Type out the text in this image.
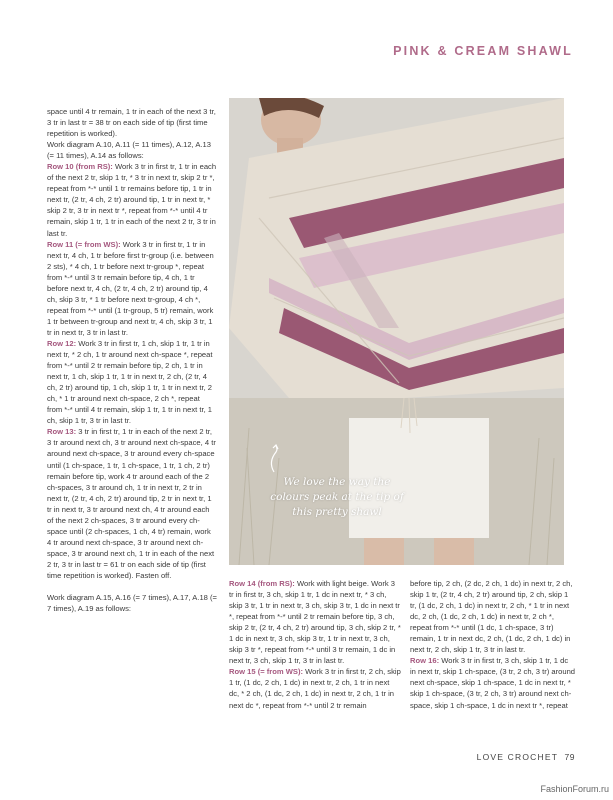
PINK & CREAM SHAWL

space until 4 tr remain, 1 tr in each of the next 3 tr, 3 tr in last tr = 38 tr on each side of tip (first time repetition is worked).

Work diagram A.10, A.11 (= 11 times), A.12, A.13 (= 11 times), A.14 as follows:

Row 10 (from RS): Work 3 tr in first tr, 1 tr in each of the next 2 tr, skip 1 tr, * 3 tr in next tr, skip 2 tr *, repeat from *-* until 1 tr remains before tip, 1 tr in next tr, (2 tr, 4 ch, 2 tr) around tip, 1 tr in next tr, * skip 2 tr, 3 tr in next tr *, repeat from *-* until 4 tr remain, skip 1 tr, 1 tr in each of the next 2 tr, 3 tr in last tr.

Row 11 (= from WS): Work 3 tr in first tr, 1 tr in next tr, 4 ch, 1 tr before first tr-group (i.e. between 2 sts), * 4 ch, 1 tr before next tr-group *, repeat from *-* until 3 tr remain before tip, 4 ch, 1 tr before next tr, 4 ch, (2 tr, 4 ch, 2 tr) around tip, 4 ch, skip 3 tr, * 1 tr before next tr-group, 4 ch *, repeat from *-* until (1 tr-group, 5 tr) remain, work 1 tr between tr-group and next tr, 4 ch, skip 3 tr, 1 tr in next tr, 3 tr in last tr.

Row 12: Work 3 tr in first tr, 1 ch, skip 1 tr, 1 tr in next tr, * 2 ch, 1 tr around next ch-space *, repeat from *-* until 2 tr remain before tip, 2 ch, 1 tr in next tr, 1 ch, skip 1 tr, 1 tr in next tr, 2 ch, (2 tr, 4 ch, 2 tr) around tip, 1 ch, skip 1 tr, 1 tr in next tr, 2 ch, * 1 tr around next ch-space, 2 ch *, repeat from *-* until 4 tr remain, skip 1 tr, 1 tr in next tr, 1 ch, skip 1 tr, 3 tr in last tr.

Row 13: 3 tr in first tr, 1 tr in each of the next 2 tr, 3 tr around next ch, 3 tr around next ch-space, 4 tr around next ch-space, 3 tr around every ch-space until (1 ch-space, 1 tr, 1 ch-space, 1 tr, 1 ch, 2 tr) remain before tip, work 4 tr around each of the 2 ch-spaces, 3 tr around ch, 1 tr in next tr, 2 tr in next tr, (2 tr, 4 ch, 2 tr) around tip, 2 tr in next tr, 1 tr in next tr, 3 tr around next ch, 4 tr around each of the next 2 ch-spaces, 3 tr around every ch-space until (2 ch-spaces, 1 ch, 4 tr) remain, work 4 tr around next ch-space, 3 tr around next ch-space, 3 tr around next ch, 1 tr in each of the next 2 tr, 3 tr in last tr = 61 tr on each side of tip (first time repetition is worked). Fasten off.

Work diagram A.15, A.16 (= 7 times), A.17, A.18 (= 7 times), A.19 as follows:

We love the way the
colours peak at the tip of
this pretty shawl

Row 14 (from RS): Work with light beige. Work 3 tr in first tr, 3 ch, skip 1 tr, 1 dc in next tr, * 3 ch, skip 3 tr, 1 tr in next tr, 3 ch, skip 3 tr, 1 dc in next tr *, repeat from *-* until 2 tr remain before tip, 3 ch, skip 2 tr, (2 tr, 4 ch, 2 tr) around tip, 3 ch, skip 2 tr, * 1 dc in next tr, 3 ch, skip 3 tr, 1 tr in next tr, 3 ch, skip 3 tr *, repeat from *-* until 3 tr remain, 1 dc in next tr, 3 ch, skip 1 tr, 3 tr in last tr.

Row 15 (= from WS): Work 3 tr in first tr, 2 ch, skip 1 tr, (1 dc, 2 ch, 1 dc) in next tr, 2 ch, 1 tr in next dc, * 2 ch, (1 dc, 2 ch, 1 dc) in next tr, 2 ch, 1 tr in next dc *, repeat from *-* until 2 tr remain

before tip, 2 ch, (2 dc, 2 ch, 1 dc) in next tr, 2 ch, skip 1 tr, (2 tr, 4 ch, 2 tr) around tip, 2 ch, skip 1 tr, (1 dc, 2 ch, 1 dc) in next tr, 2 ch, * 1 tr in next dc, 2 ch, (1 dc, 2 ch, 1 dc) in next tr, 2 ch *, repeat from *-* until (1 dc, 1 ch-space, 3 tr) remain, 1 tr in next dc, 2 ch, (1 dc, 2 ch, 1 dc) in next tr, 2 ch, skip 1 tr, 3 tr in last tr.

Row 16: Work 3 tr in first tr, 3 ch, skip 1 tr, 1 dc in next tr, skip 1 ch-space, (3 tr, 2 ch, 3 tr) around next ch-space, skip 1 ch-space, 1 dc in next tr, * skip 1 ch-space, (3 tr, 2 ch, 3 tr) around next ch-space, skip 1 ch-space, 1 dc in next tr *, repeat

LOVE CROCHET 79
FashionForum.ru
